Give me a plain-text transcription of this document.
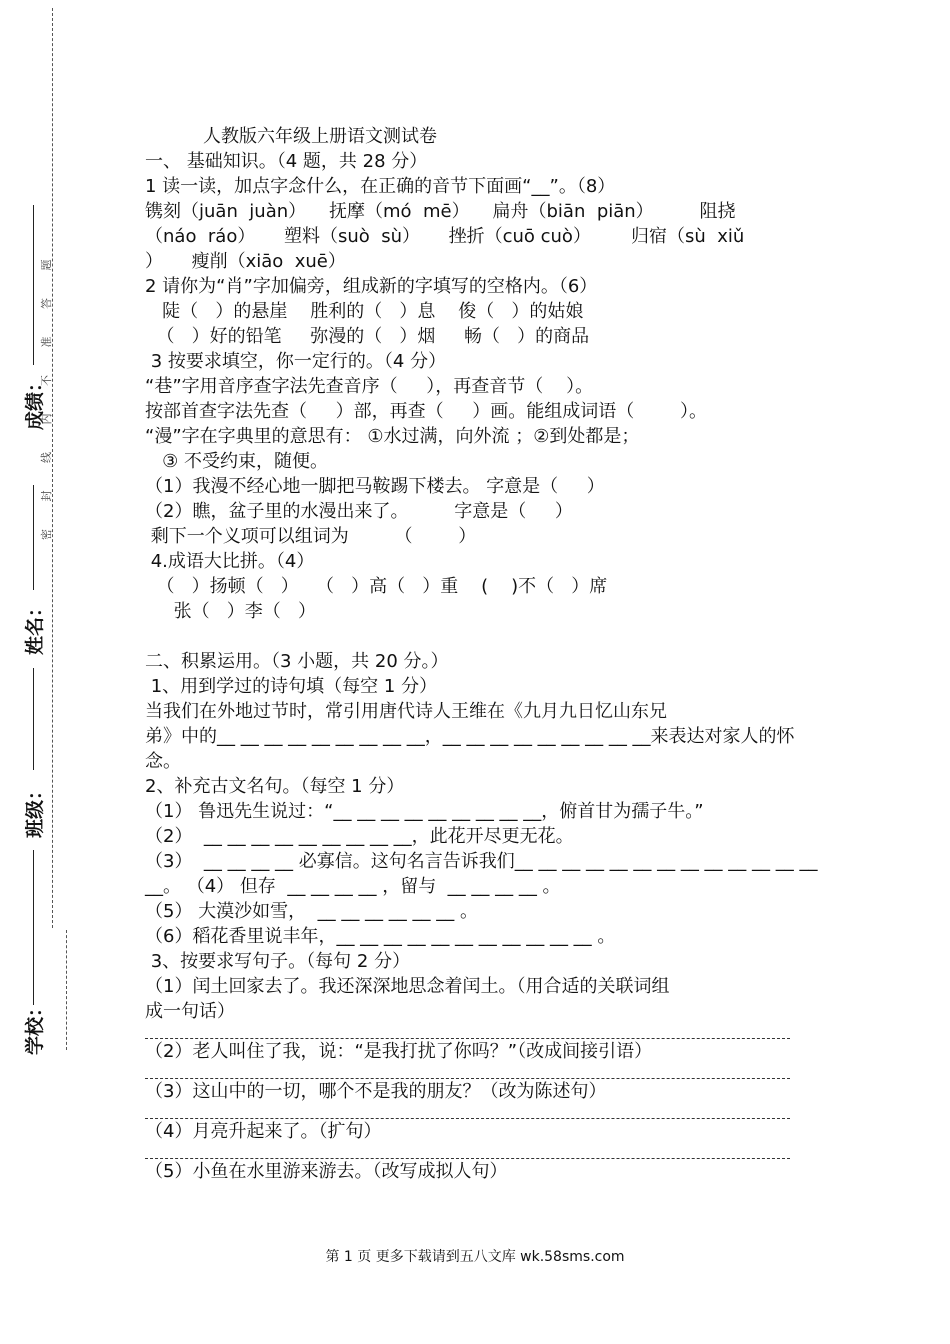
成绩：
密 封 线 内 不 准 答 题
姓名：
班级：
学校：
人教版六年级上册语文测试卷
一、 基础知识。（4 题，共 28 分）
1 读一读，加点字念什么，在正确的音节下面画“__”。（8）
镌刻（juān  juàn）    抚摩（mó  mē）    扁舟（biān  piān）        阻挠
（náo  ráo）     塑料（suò  sù）     挫折（cuō cuò）       归宿（sù  xiǔ
）     瘦削（xiāo  xuē）
2 请你为“肖”字加偏旁，组成新的字填写的空格内。（6）
陡（   ）的悬崖    胜利的（   ）息    俊（   ）的姑娘
（   ）好的铅笔     弥漫的（   ）烟     畅（   ）的商品
3 按要求填空，你一定行的。（4 分）
“巷”字用音序查字法先查音序（     ），再查音节（    ）。
按部首查字法先查（     ）部，再查（     ）画。能组成词语（        ）。
“漫”字在字典里的意思有： ①水过满，向外流 ；②到处都是；
③ 不受约束，随便。
（1）我漫不经心地一脚把马鞍踢下楼去。 字意是（     ）
（2）瞧，盆子里的水漫出来了。        字意是（     ）
剩下一个义项可以组词为        （        ）
4.成语大比拼。（4）
（   ）扬顿（   ）   （   ）高（   ）重    (    )不（   ）席
张（   ）李（   ）
二、积累运用。（3 小题，共 20 分。）
1、用到学过的诗句填（每空 1 分）
当我们在外地过节时，常引用唐代诗人王维在《九月九日忆山东兄
弟》中的__ __ __ __ __ __ __ __ __，__ __ __ __ __ __ __ __ __来表达对家人的怀
念。
2、补充古文名句。（每空 1 分）
（1） 鲁迅先生说过：“__ __ __ __ __ __ __ __ __，俯首甘为孺子牛。”
（2）  __ __ __ __ __ __ __ __ __，此花开尽更无花。
（3）  __ __ __ __ 必寡信。这句名言告诉我们__ __ __ __ __ __ __ __ __ __ __ __ __
__。 （4） 但存  __ __ __ __ ，留与  __ __ __ __ 。
（5） 大漠沙如雪，  __ __ __ __ __ __ 。
（6）稻花香里说丰年，__ __ __ __ __ __ __ __ __ __ __ 。
3、按要求写句子。（每句 2 分）
（1）闰土回家去了。我还深深地思念着闰土。（用合适的关联词组
成一句话）
（2）老人叫住了我，说：“是我打扰了你吗？”（改成间接引语）
（3）这山中的一切，哪个不是我的朋友？（改为陈述句）
（4）月亮升起来了。（扩句）
（5）小鱼在水里游来游去。（改写成拟人句）
第 1 页 更多下载请到五八文库 wk.58sms.com
